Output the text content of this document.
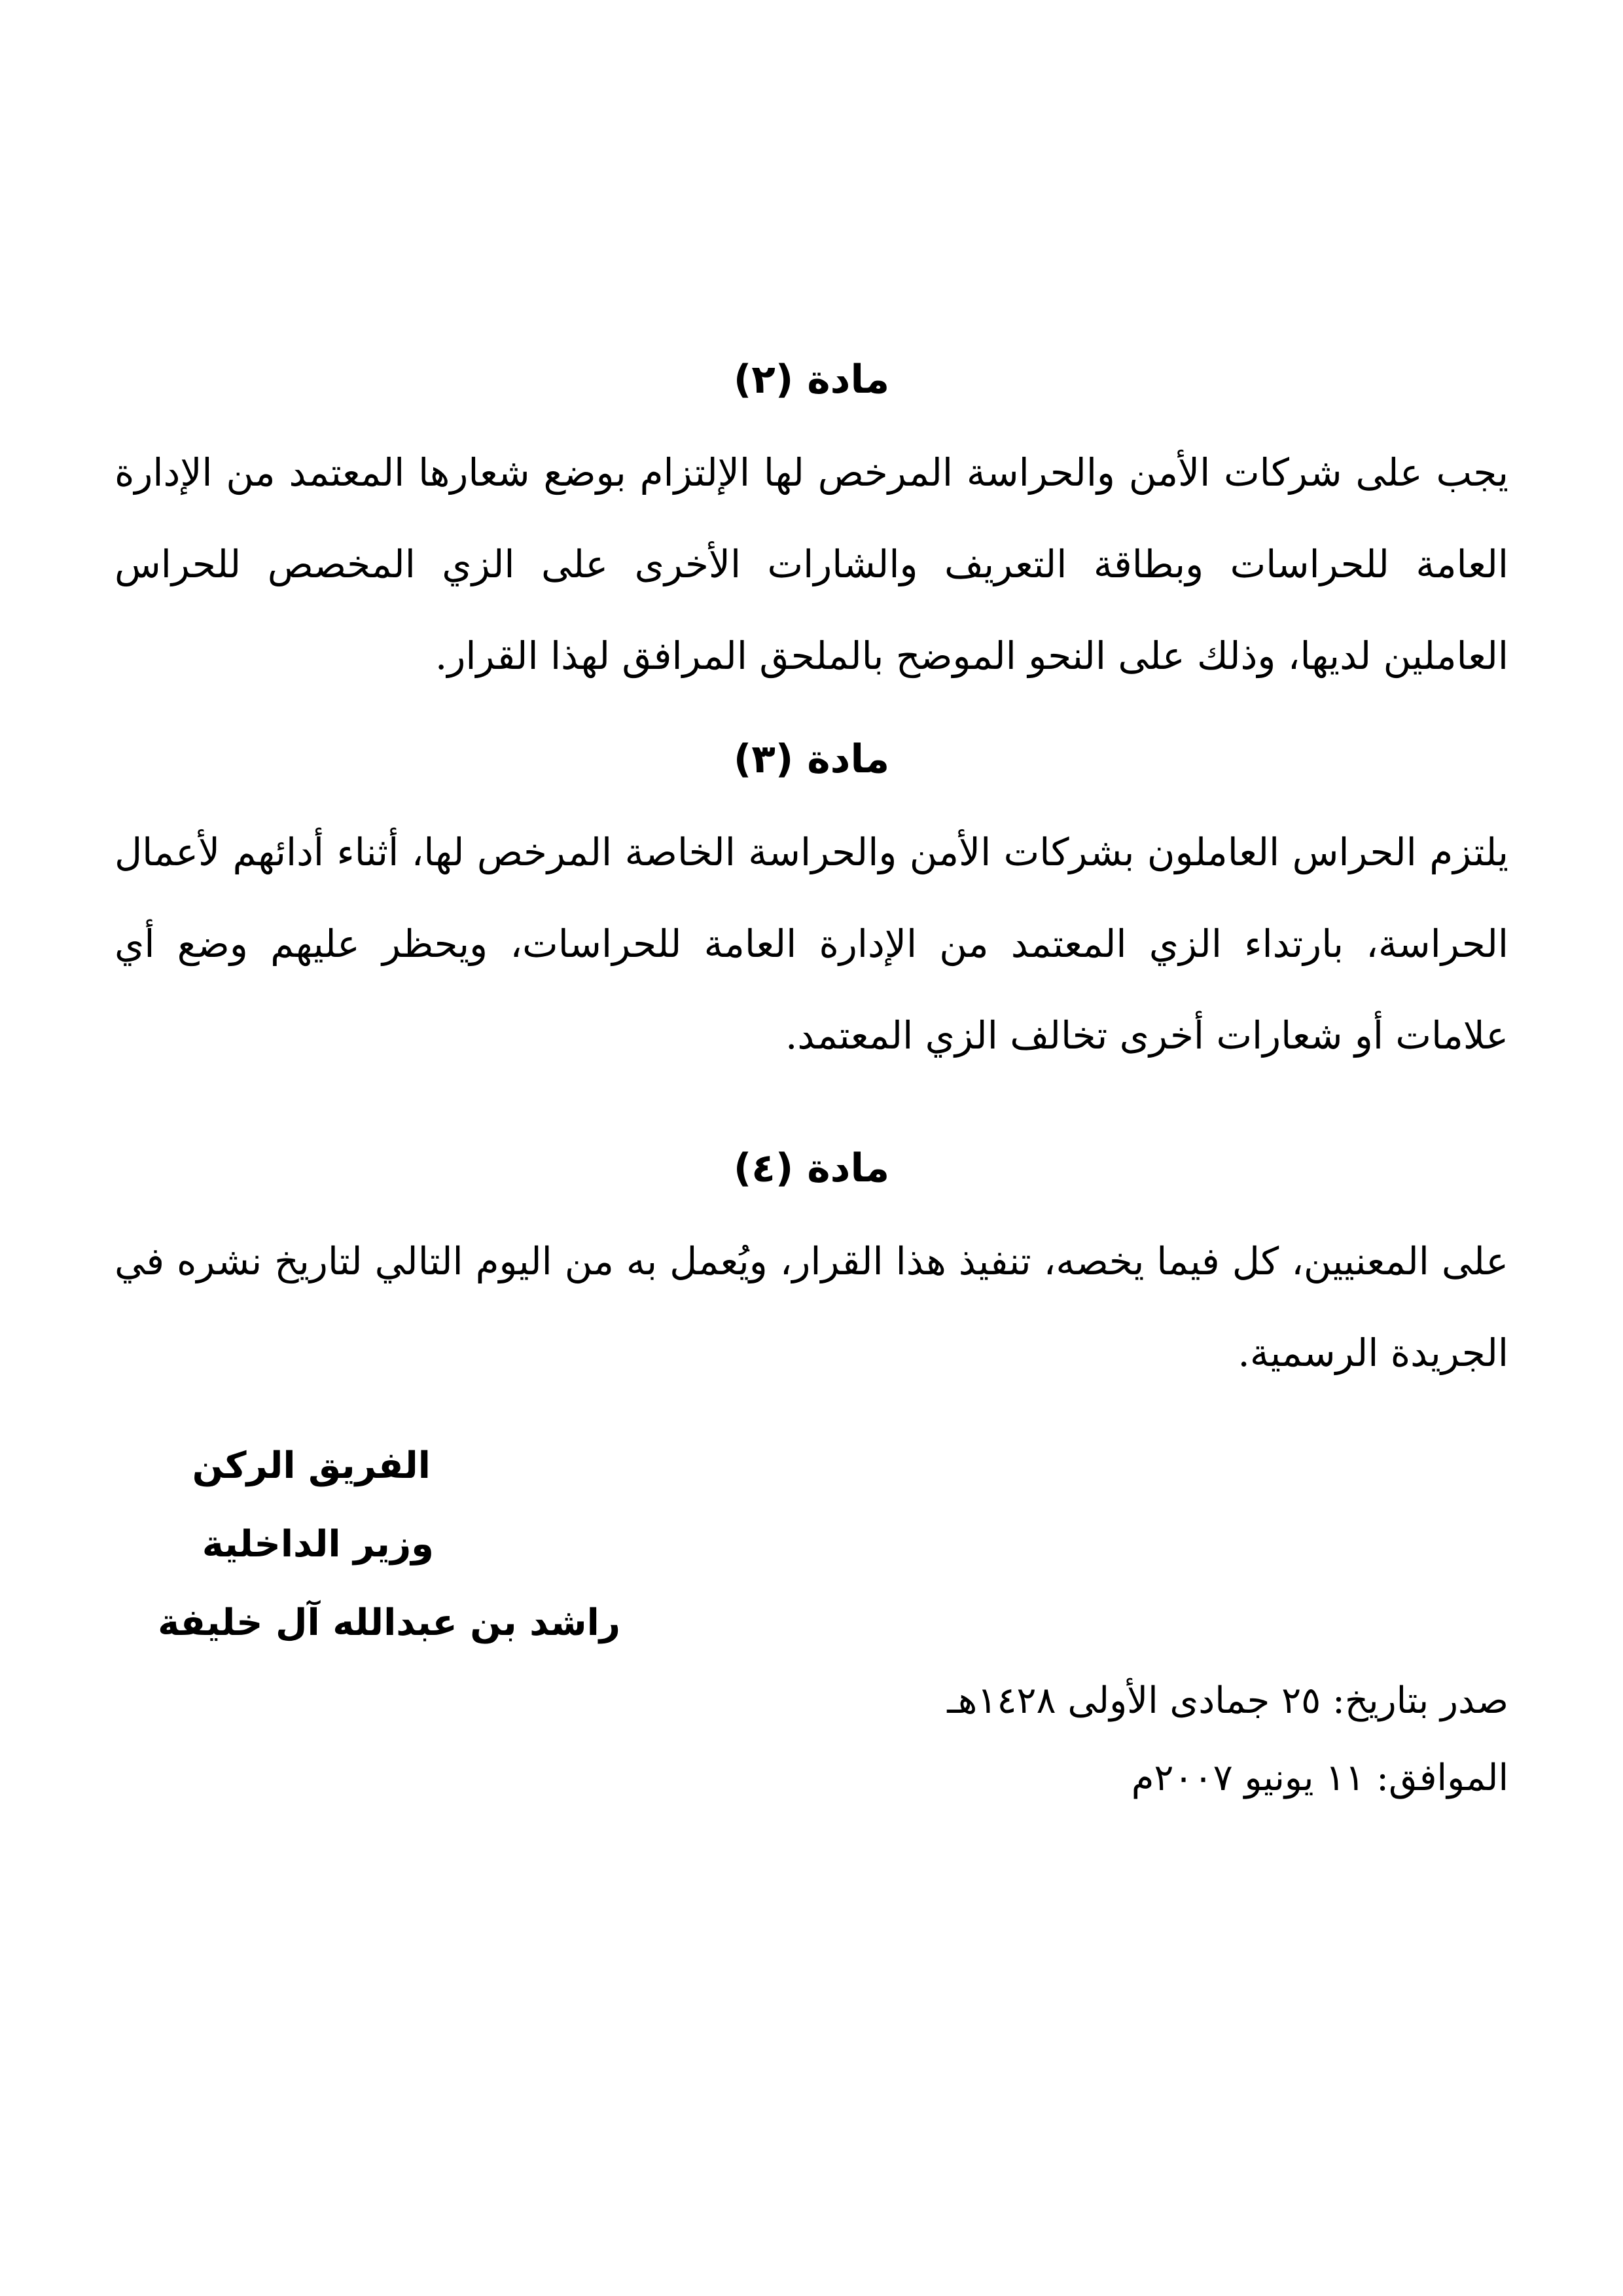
مادة (٢)

يجب على شركات الأمن والحراسة المرخص لها الإلتزام بوضع شعارها المعتمد من الإدارة العامة للحراسات وبطاقة التعريف والشارات الأخرى على الزي المخصص للحراس العاملين لديها، وذلك على النحو الموضح بالملحق المرافق لهذا القرار.

مادة (٣)

يلتزم الحراس العاملون بشركات الأمن والحراسة الخاصة المرخص لها، أثناء أدائهم لأعمال الحراسة، بارتداء الزي المعتمد من الإدارة العامة للحراسات، ويحظر عليهم وضع أي علامات أو شعارات أخرى تخالف الزي المعتمد.

مادة (٤)

على المعنيين، كل فيما يخصه، تنفيذ هذا القرار، ويُعمل به من اليوم التالي لتاريخ نشره في الجريدة الرسمية.

الفريق الركن
وزير الداخلية
راشد بن عبدالله آل خليفة
صدر بتاريخ: ٢٥ جمادى الأولى ١٤٢٨هـ
الموافق: ١١ يونيو ٢٠٠٧م
